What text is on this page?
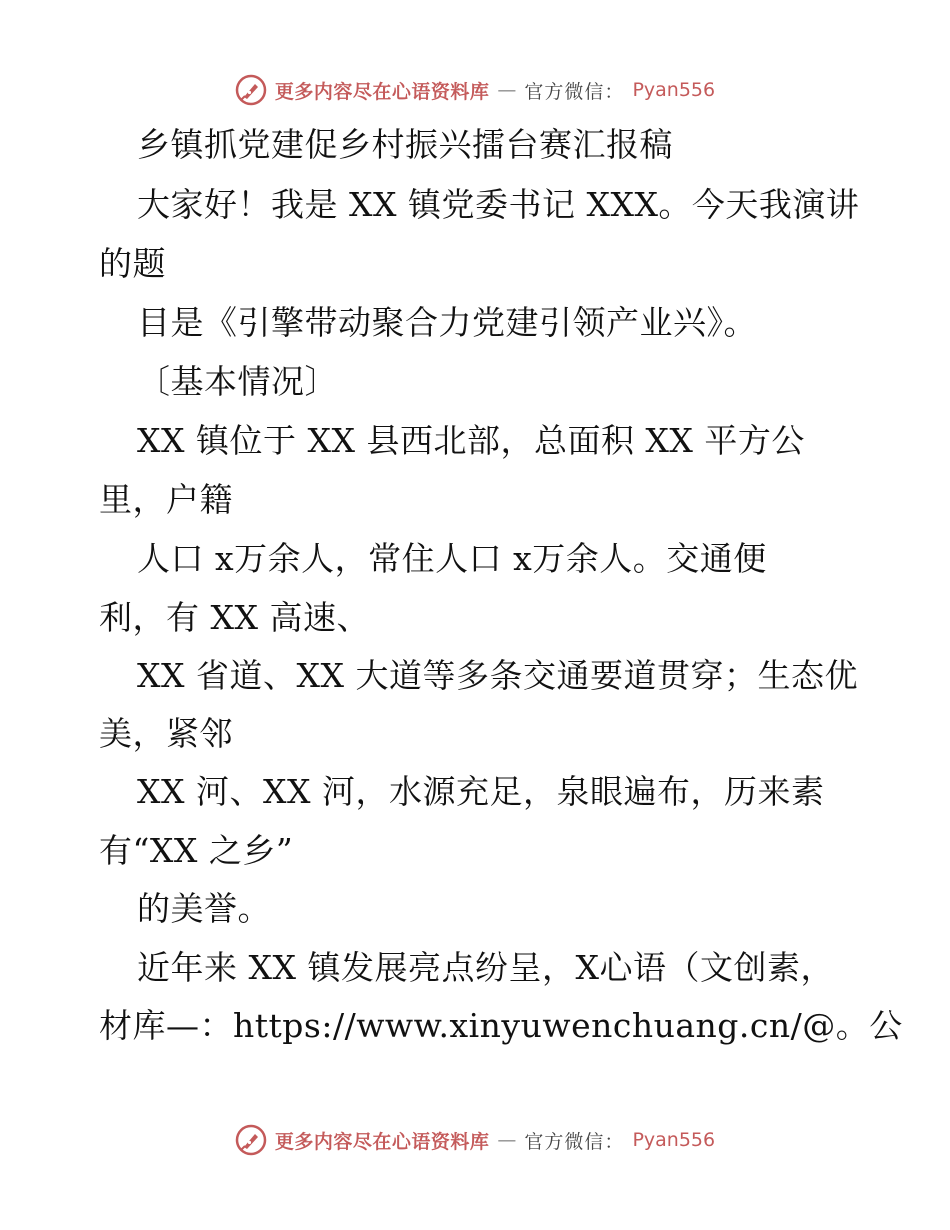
更多内容尽在心语资料库 — 官方微信： Pyan556
乡镇抓党建促乡村振兴擂台赛汇报稿
大家好！我是 XX 镇党委书记 XXX。今天我演讲
的题
目是《引擎带动聚合力党建引领产业兴》。
〔基本情况〕
XX 镇位于 XX 县西北部，总面积 XX 平方公
里，户籍
人口 x万余人，常住人口 x万余人。交通便
利，有 XX 高速、
XX 省道、XX 大道等多条交通要道贯穿；生态优
美，紧邻
XX 河、XX 河，水源充足，泉眼遍布，历来素
有“XX 之乡”
的美誉。
近年来 XX 镇发展亮点纷呈，X心语（文创素，
材库—：https://www.xinyuwenchuang.cn/@。公
更多内容尽在心语资料库 — 官方微信： Pyan556
